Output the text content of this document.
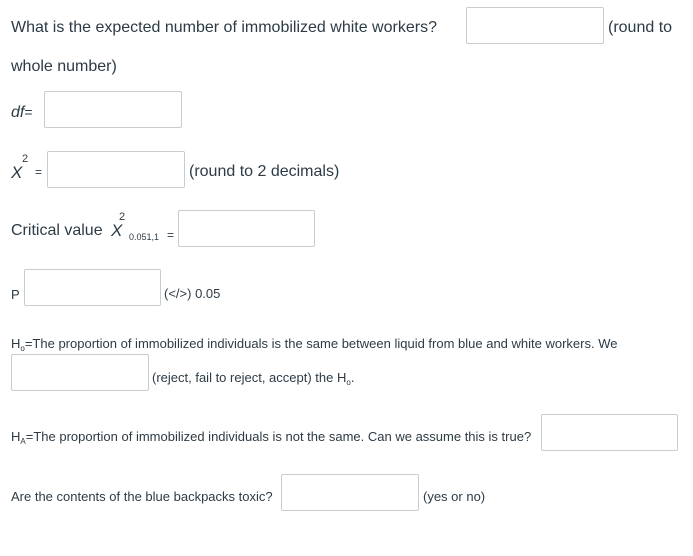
What is the expected number of immobilized white workers?	(round to
whole number)
df=
X
2
=	(round to 2 decimals)
Critical value X
2
0.051,1 =
P	(</>) 0.05
$H_o=The$ proportion of immobilized individuals is the same between liquid from blue and white workers. We
(reject, fail to reject, accept) the $H_o$.
$H_A=The$ proportion of immobilized individuals is not the same. Can we assume this is true?
Are the contents of the blue backpacks toxic?	(yes or no)
